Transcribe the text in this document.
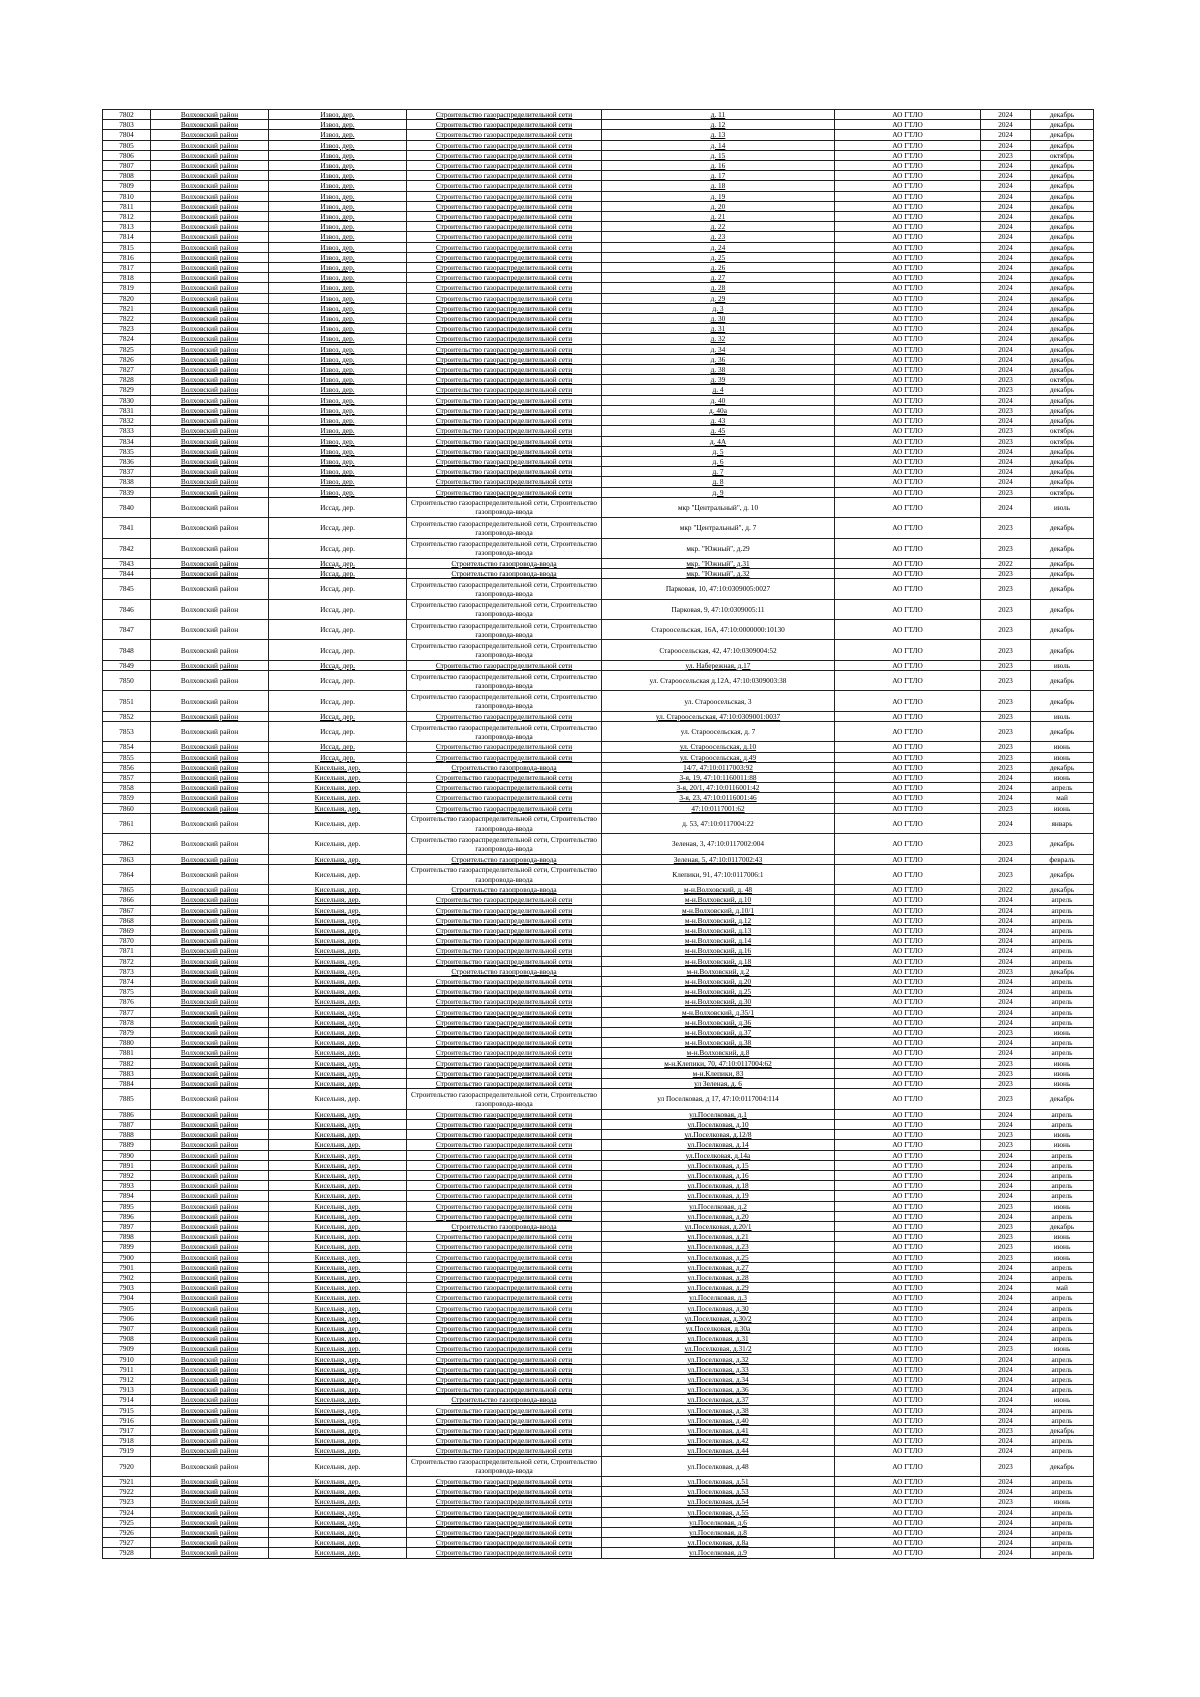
7802	Волховский район	Извоз, дер.	Строительство газораспределительной сети	д. 11	АО ГТЛО	2024	декабрь
7803	Волховский район	Извоз, дер.	Строительство газораспределительной сети	д. 12	АО ГТЛО	2024	декабрь
7804	Волховский район	Извоз, дер.	Строительство газораспределительной сети	д. 13	АО ГТЛО	2024	декабрь
7805	Волховский район	Извоз, дер.	Строительство газораспределительной сети	д. 14	АО ГТЛО	2024	декабрь
7806	Волховский район	Извоз, дер.	Строительство газораспределительной сети	д. 15	АО ГТЛО	2023	октябрь
7807	Волховский район	Извоз, дер.	Строительство газораспределительной сети	д. 16	АО ГТЛО	2024	декабрь
7808	Волховский район	Извоз, дер.	Строительство газораспределительной сети	д. 17	АО ГТЛО	2024	декабрь
7809	Волховский район	Извоз, дер.	Строительство газораспределительной сети	д. 18	АО ГТЛО	2024	декабрь
7810	Волховский район	Извоз, дер.	Строительство газораспределительной сети	д. 19	АО ГТЛО	2024	декабрь
7811	Волховский район	Извоз, дер.	Строительство газораспределительной сети	д. 20	АО ГТЛО	2024	декабрь
7812	Волховский район	Извоз, дер.	Строительство газораспределительной сети	д. 21	АО ГТЛО	2024	декабрь
7813	Волховский район	Извоз, дер.	Строительство газораспределительной сети	д. 22	АО ГТЛО	2024	декабрь
7814	Волховский район	Извоз, дер.	Строительство газораспределительной сети	д. 23	АО ГТЛО	2024	декабрь
7815	Волховский район	Извоз, дер.	Строительство газораспределительной сети	д. 24	АО ГТЛО	2024	декабрь
7816	Волховский район	Извоз, дер.	Строительство газораспределительной сети	д. 25	АО ГТЛО	2024	декабрь
7817	Волховский район	Извоз, дер.	Строительство газораспределительной сети	д. 26	АО ГТЛО	2024	декабрь
7818	Волховский район	Извоз, дер.	Строительство газораспределительной сети	д. 27	АО ГТЛО	2024	декабрь
7819	Волховский район	Извоз, дер.	Строительство газораспределительной сети	д. 28	АО ГТЛО	2024	декабрь
7820	Волховский район	Извоз, дер.	Строительство газораспределительной сети	д. 29	АО ГТЛО	2024	декабрь
7821	Волховский район	Извоз, дер.	Строительство газораспределительной сети	д. 3	АО ГТЛО	2024	декабрь
7822	Волховский район	Извоз, дер.	Строительство газораспределительной сети	д. 30	АО ГТЛО	2024	декабрь
7823	Волховский район	Извоз, дер.	Строительство газораспределительной сети	д. 31	АО ГТЛО	2024	декабрь
7824	Волховский район	Извоз, дер.	Строительство газораспределительной сети	д. 32	АО ГТЛО	2024	декабрь
7825	Волховский район	Извоз, дер.	Строительство газораспределительной сети	д. 34	АО ГТЛО	2024	декабрь
7826	Волховский район	Извоз, дер.	Строительство газораспределительной сети	д. 36	АО ГТЛО	2024	декабрь
7827	Волховский район	Извоз, дер.	Строительство газораспределительной сети	д. 38	АО ГТЛО	2024	декабрь
7828	Волховский район	Извоз, дер.	Строительство газораспределительной сети	д. 39	АО ГТЛО	2023	октябрь
7829	Волховский район	Извоз, дер.	Строительство газораспределительной сети	д. 4	АО ГТЛО	2023	декабрь
7830	Волховский район	Извоз, дер.	Строительство газораспределительной сети	д. 40	АО ГТЛО	2024	декабрь
7831	Волховский район	Извоз, дер.	Строительство газораспределительной сети	д. 40а	АО ГТЛО	2023	декабрь
7832	Волховский район	Извоз, дер.	Строительство газораспределительной сети	д. 43	АО ГТЛО	2024	декабрь
7833	Волховский район	Извоз, дер.	Строительство газораспределительной сети	д. 45	АО ГТЛО	2023	октябрь
7834	Волховский район	Извоз, дер.	Строительство газораспределительной сети	д. 4А	АО ГТЛО	2023	октябрь
7835	Волховский район	Извоз, дер.	Строительство газораспределительной сети	д. 5	АО ГТЛО	2024	декабрь
7836	Волховский район	Извоз, дер.	Строительство газораспределительной сети	д. 6	АО ГТЛО	2024	декабрь
7837	Волховский район	Извоз, дер.	Строительство газораспределительной сети	д. 7	АО ГТЛО	2024	декабрь
7838	Волховский район	Извоз, дер.	Строительство газораспределительной сети	д. 8	АО ГТЛО	2024	декабрь
7839	Волховский район	Извоз, дер.	Строительство газораспределительной сети	д. 9	АО ГТЛО	2023	октябрь
7840	Волховский район	Иссад, дер.	Строительство газораспределительной сети, Строительство газопровода-ввода	мкр "Центральный", д. 10	АО ГТЛО	2024	июль
7841	Волховский район	Иссад, дер.	Строительство газораспределительной сети, Строительство газопровода-ввода	мкр "Центральный", д. 7	АО ГТЛО	2023	декабрь
7842	Волховский район	Иссад, дер.	Строительство газораспределительной сети, Строительство газопровода-ввода	мкр. "Южный", д.29	АО ГТЛО	2023	декабрь
7843	Волховский район	Иссад, дер.	Строительство газопровода-ввода	мкр. "Южный", д.31	АО ГТЛО	2022	декабрь
7844	Волховский район	Иссад, дер.	Строительство газопровода-ввода	мкр. "Южный", д.32	АО ГТЛО	2023	декабрь
7845	Волховский район	Иссад, дер.	Строительство газораспределительной сети, Строительство газопровода-ввода	Парковая, 10, 47:10:0309005:0027	АО ГТЛО	2023	декабрь
7846	Волховский район	Иссад, дер.	Строительство газораспределительной сети, Строительство газопровода-ввода	Парковая, 9, 47:10:0309005:11	АО ГТЛО	2023	декабрь
7847	Волховский район	Иссад, дер.	Строительство газораспределительной сети, Строительство газопровода-ввода	Староосельская, 16А, 47:10:0000000:10130	АО ГТЛО	2023	декабрь
7848	Волховский район	Иссад, дер.	Строительство газораспределительной сети, Строительство газопровода-ввода	Староосельская, 42, 47:10:0309004:52	АО ГТЛО	2023	декабрь
7849	Волховский район	Иссад, дер.	Строительство газораспределительной сети	ул. Набережная, д.17	АО ГТЛО	2023	июль
7850	Волховский район	Иссад, дер.	Строительство газораспределительной сети, Строительство газопровода-ввода	ул. Староосельская д.12А, 47:10:0309003:38	АО ГТЛО	2023	декабрь
7851	Волховский район	Иссад, дер.	Строительство газораспределительной сети, Строительство газопровода-ввода	ул. Староосельская, 3	АО ГТЛО	2023	декабрь
7852	Волховский район	Иссад, дер.	Строительство газораспределительной сети	ул. Староосельская, 47:10:0309001:0037	АО ГТЛО	2023	июль
7853	Волховский район	Иссад, дер.	Строительство газораспределительной сети, Строительство газопровода-ввода	ул. Староосельская, д. 7	АО ГТЛО	2023	декабрь
7854	Волховский район	Иссад, дер.	Строительство газораспределительной сети	ул. Староосельская, д.10	АО ГТЛО	2023	июнь
7855	Волховский район	Иссад, дер.	Строительство газораспределительной сети	ул. Староосельская, д.49	АО ГТЛО	2023	июнь
7856	Волховский район	Кисельня, дер.	Строительство газопровода-ввода	14/7, 47:10:0117003:92	АО ГТЛО	2023	декабрь
7857	Волховский район	Кисельня, дер.	Строительство газораспределительной сети	3-я, 19, 47:10:1160011:88	АО ГТЛО	2024	июнь
7858	Волховский район	Кисельня, дер.	Строительство газораспределительной сети	3-я, 20/1, 47:10:0116001:42	АО ГТЛО	2024	апрель
7859	Волховский район	Кисельня, дер.	Строительство газораспределительной сети	3-я, 23, 47:10:0116001:46	АО ГТЛО	2024	май
7860	Волховский район	Кисельня, дер.	Строительство газораспределительной сети	47:10:0117001:62	АО ГТЛО	2023	июнь
7861	Волховский район	Кисельня, дер.	Строительство газораспределительной сети, Строительство газопровода-ввода	д. 53, 47:10:0117004:22	АО ГТЛО	2024	январь
7862	Волховский район	Кисельня, дер.	Строительство газораспределительной сети, Строительство газопровода-ввода	Зеленая, 3, 47:10:0117002:004	АО ГТЛО	2023	декабрь
7863	Волховский район	Кисельня, дер.	Строительство газопровода-ввода	Зеленая, 5, 47:10:0117002:43	АО ГТЛО	2024	февраль
7864	Волховский район	Кисельня, дер.	Строительство газораспределительной сети, Строительство газопровода-ввода	Клепики, 91, 47:10:0117006:1	АО ГТЛО	2023	декабрь
7865	Волховский район	Кисельня, дер.	Строительство газопровода-ввода	м-н.Волховский, д. 48	АО ГТЛО	2022	декабрь
7866	Волховский район	Кисельня, дер.	Строительство газораспределительной сети	м-н.Волховский, д.10	АО ГТЛО	2024	апрель
7867	Волховский район	Кисельня, дер.	Строительство газораспределительной сети	м-н.Волховский, д.10/1	АО ГТЛО	2024	апрель
7868	Волховский район	Кисельня, дер.	Строительство газораспределительной сети	м-н.Волховский, д.12	АО ГТЛО	2024	апрель
7869	Волховский район	Кисельня, дер.	Строительство газораспределительной сети	м-н.Волховский, д.13	АО ГТЛО	2024	апрель
7870	Волховский район	Кисельня, дер.	Строительство газораспределительной сети	м-н.Волховский, д.14	АО ГТЛО	2024	апрель
7871	Волховский район	Кисельня, дер.	Строительство газораспределительной сети	м-н.Волховский, д.16	АО ГТЛО	2024	апрель
7872	Волховский район	Кисельня, дер.	Строительство газораспределительной сети	м-н.Волховский, д.18	АО ГТЛО	2024	апрель
7873	Волховский район	Кисельня, дер.	Строительство газопровода-ввода	м-н.Волховский, д.2	АО ГТЛО	2023	декабрь
7874	Волховский район	Кисельня, дер.	Строительство газораспределительной сети	м-н.Волховский, д.20	АО ГТЛО	2024	апрель
7875	Волховский район	Кисельня, дер.	Строительство газораспределительной сети	м-н.Волховский, д.25	АО ГТЛО	2024	апрель
7876	Волховский район	Кисельня, дер.	Строительство газораспределительной сети	м-н.Волховский, д.30	АО ГТЛО	2024	апрель
7877	Волховский район	Кисельня, дер.	Строительство газораспределительной сети	м-н.Волховский, д.35/1	АО ГТЛО	2024	апрель
7878	Волховский район	Кисельня, дер.	Строительство газораспределительной сети	м-н.Волховский, д.36	АО ГТЛО	2024	апрель
7879	Волховский район	Кисельня, дер.	Строительство газораспределительной сети	м-н.Волховский, д.37	АО ГТЛО	2023	июнь
7880	Волховский район	Кисельня, дер.	Строительство газораспределительной сети	м-н.Волховский, д.38	АО ГТЛО	2024	апрель
7881	Волховский район	Кисельня, дер.	Строительство газораспределительной сети	м-н.Волховский, д.8	АО ГТЛО	2024	апрель
7882	Волховский район	Кисельня, дер.	Строительство газораспределительной сети	м-н.Клепики, 70, 47:10:0117004:62	АО ГТЛО	2023	июнь
7883	Волховский район	Кисельня, дер.	Строительство газораспределительной сети	м-н.Клепики, 83	АО ГТЛО	2023	июнь
7884	Волховский район	Кисельня, дер.	Строительство газораспределительной сети	ул Зеленая, д. 6	АО ГТЛО	2023	июнь
7885	Волховский район	Кисельня, дер.	Строительство газораспределительной сети, Строительство газопровода-ввода	ул Поселковая, д 17, 47:10:0117004:114	АО ГТЛО	2023	декабрь
7886	Волховский район	Кисельня, дер.	Строительство газораспределительной сети	ул.Поселковая, д.1	АО ГТЛО	2024	апрель
7887	Волховский район	Кисельня, дер.	Строительство газораспределительной сети	ул.Поселковая, д.10	АО ГТЛО	2024	апрель
7888	Волховский район	Кисельня, дер.	Строительство газораспределительной сети	ул.Поселковая, д.12/8	АО ГТЛО	2023	июнь
7889	Волховский район	Кисельня, дер.	Строительство газораспределительной сети	ул.Поселковая, д.14	АО ГТЛО	2023	июнь
7890	Волховский район	Кисельня, дер.	Строительство газораспределительной сети	ул.Поселковая, д.14а	АО ГТЛО	2024	апрель
7891	Волховский район	Кисельня, дер.	Строительство газораспределительной сети	ул.Поселковая, д.15	АО ГТЛО	2024	апрель
7892	Волховский район	Кисельня, дер.	Строительство газораспределительной сети	ул.Поселковая, д.16	АО ГТЛО	2024	апрель
7893	Волховский район	Кисельня, дер.	Строительство газораспределительной сети	ул.Поселковая, д.18	АО ГТЛО	2024	апрель
7894	Волховский район	Кисельня, дер.	Строительство газораспределительной сети	ул.Поселковая, д.19	АО ГТЛО	2024	апрель
7895	Волховский район	Кисельня, дер.	Строительство газораспределительной сети	ул.Поселковая, д.2	АО ГТЛО	2023	июнь
7896	Волховский район	Кисельня, дер.	Строительство газораспределительной сети	ул.Поселковая, д.20	АО ГТЛО	2024	апрель
7897	Волховский район	Кисельня, дер.	Строительство газопровода-ввода	ул.Поселковая, д.20/1	АО ГТЛО	2023	декабрь
7898	Волховский район	Кисельня, дер.	Строительство газораспределительной сети	ул.Поселковая, д.21	АО ГТЛО	2023	июнь
7899	Волховский район	Кисельня, дер.	Строительство газораспределительной сети	ул.Поселковая, д.23	АО ГТЛО	2023	июнь
7900	Волховский район	Кисельня, дер.	Строительство газораспределительной сети	ул.Поселковая, д.25	АО ГТЛО	2023	июнь
7901	Волховский район	Кисельня, дер.	Строительство газораспределительной сети	ул.Поселковая, д.27	АО ГТЛО	2024	апрель
7902	Волховский район	Кисельня, дер.	Строительство газораспределительной сети	ул.Поселковая, д.28	АО ГТЛО	2024	апрель
7903	Волховский район	Кисельня, дер.	Строительство газораспределительной сети	ул.Поселковая, д.29	АО ГТЛО	2024	май
7904	Волховский район	Кисельня, дер.	Строительство газораспределительной сети	ул.Поселковая, д.3	АО ГТЛО	2024	апрель
7905	Волховский район	Кисельня, дер.	Строительство газораспределительной сети	ул.Поселковая, д.30	АО ГТЛО	2024	апрель
7906	Волховский район	Кисельня, дер.	Строительство газораспределительной сети	ул.Поселковая, д.30/2	АО ГТЛО	2024	апрель
7907	Волховский район	Кисельня, дер.	Строительство газораспределительной сети	ул.Поселковая, д.30а	АО ГТЛО	2024	апрель
7908	Волховский район	Кисельня, дер.	Строительство газораспределительной сети	ул.Поселковая, д.31	АО ГТЛО	2024	апрель
7909	Волховский район	Кисельня, дер.	Строительство газораспределительной сети	ул.Поселковая, д.31/2	АО ГТЛО	2023	июнь
7910	Волховский район	Кисельня, дер.	Строительство газораспределительной сети	ул.Поселковая, д.32	АО ГТЛО	2024	апрель
7911	Волховский район	Кисельня, дер.	Строительство газораспределительной сети	ул.Поселковая, д.33	АО ГТЛО	2024	апрель
7912	Волховский район	Кисельня, дер.	Строительство газораспределительной сети	ул.Поселковая, д.34	АО ГТЛО	2024	апрель
7913	Волховский район	Кисельня, дер.	Строительство газораспределительной сети	ул.Поселковая, д.36	АО ГТЛО	2024	апрель
7914	Волховский район	Кисельня, дер.	Строительство газопровода-ввода	ул.Поселковая, д.37	АО ГТЛО	2024	июнь
7915	Волховский район	Кисельня, дер.	Строительство газораспределительной сети	ул.Поселковая, д.38	АО ГТЛО	2024	апрель
7916	Волховский район	Кисельня, дер.	Строительство газораспределительной сети	ул.Поселковая, д.40	АО ГТЛО	2024	апрель
7917	Волховский район	Кисельня, дер.	Строительство газораспределительной сети	ул.Поселковая, д.41	АО ГТЛО	2023	декабрь
7918	Волховский район	Кисельня, дер.	Строительство газораспределительной сети	ул.Поселковая, д.42	АО ГТЛО	2024	апрель
7919	Волховский район	Кисельня, дер.	Строительство газораспределительной сети	ул.Поселковая, д.44	АО ГТЛО	2024	апрель
7920	Волховский район	Кисельня, дер.	Строительство газораспределительной сети, Строительство газопровода-ввода	ул.Поселковая, д.48	АО ГТЛО	2023	декабрь
7921	Волховский район	Кисельня, дер.	Строительство газораспределительной сети	ул.Поселковая, д.51	АО ГТЛО	2024	апрель
7922	Волховский район	Кисельня, дер.	Строительство газораспределительной сети	ул.Поселковая, д.53	АО ГТЛО	2024	апрель
7923	Волховский район	Кисельня, дер.	Строительство газораспределительной сети	ул.Поселковая, д.54	АО ГТЛО	2023	июнь
7924	Волховский район	Кисельня, дер.	Строительство газораспределительной сети	ул.Поселковая, д.55	АО ГТЛО	2024	апрель
7925	Волховский район	Кисельня, дер.	Строительство газораспределительной сети	ул.Поселковая, д.6	АО ГТЛО	2024	апрель
7926	Волховский район	Кисельня, дер.	Строительство газораспределительной сети	ул.Поселковая, д.8	АО ГТЛО	2024	апрель
7927	Волховский район	Кисельня, дер.	Строительство газораспределительной сети	ул.Поселковая, д.8а	АО ГТЛО	2024	апрель
7928	Волховский район	Кисельня, дер.	Строительство газораспределительной сети	ул.Поселковая, д.9	АО ГТЛО	2024	апрель
